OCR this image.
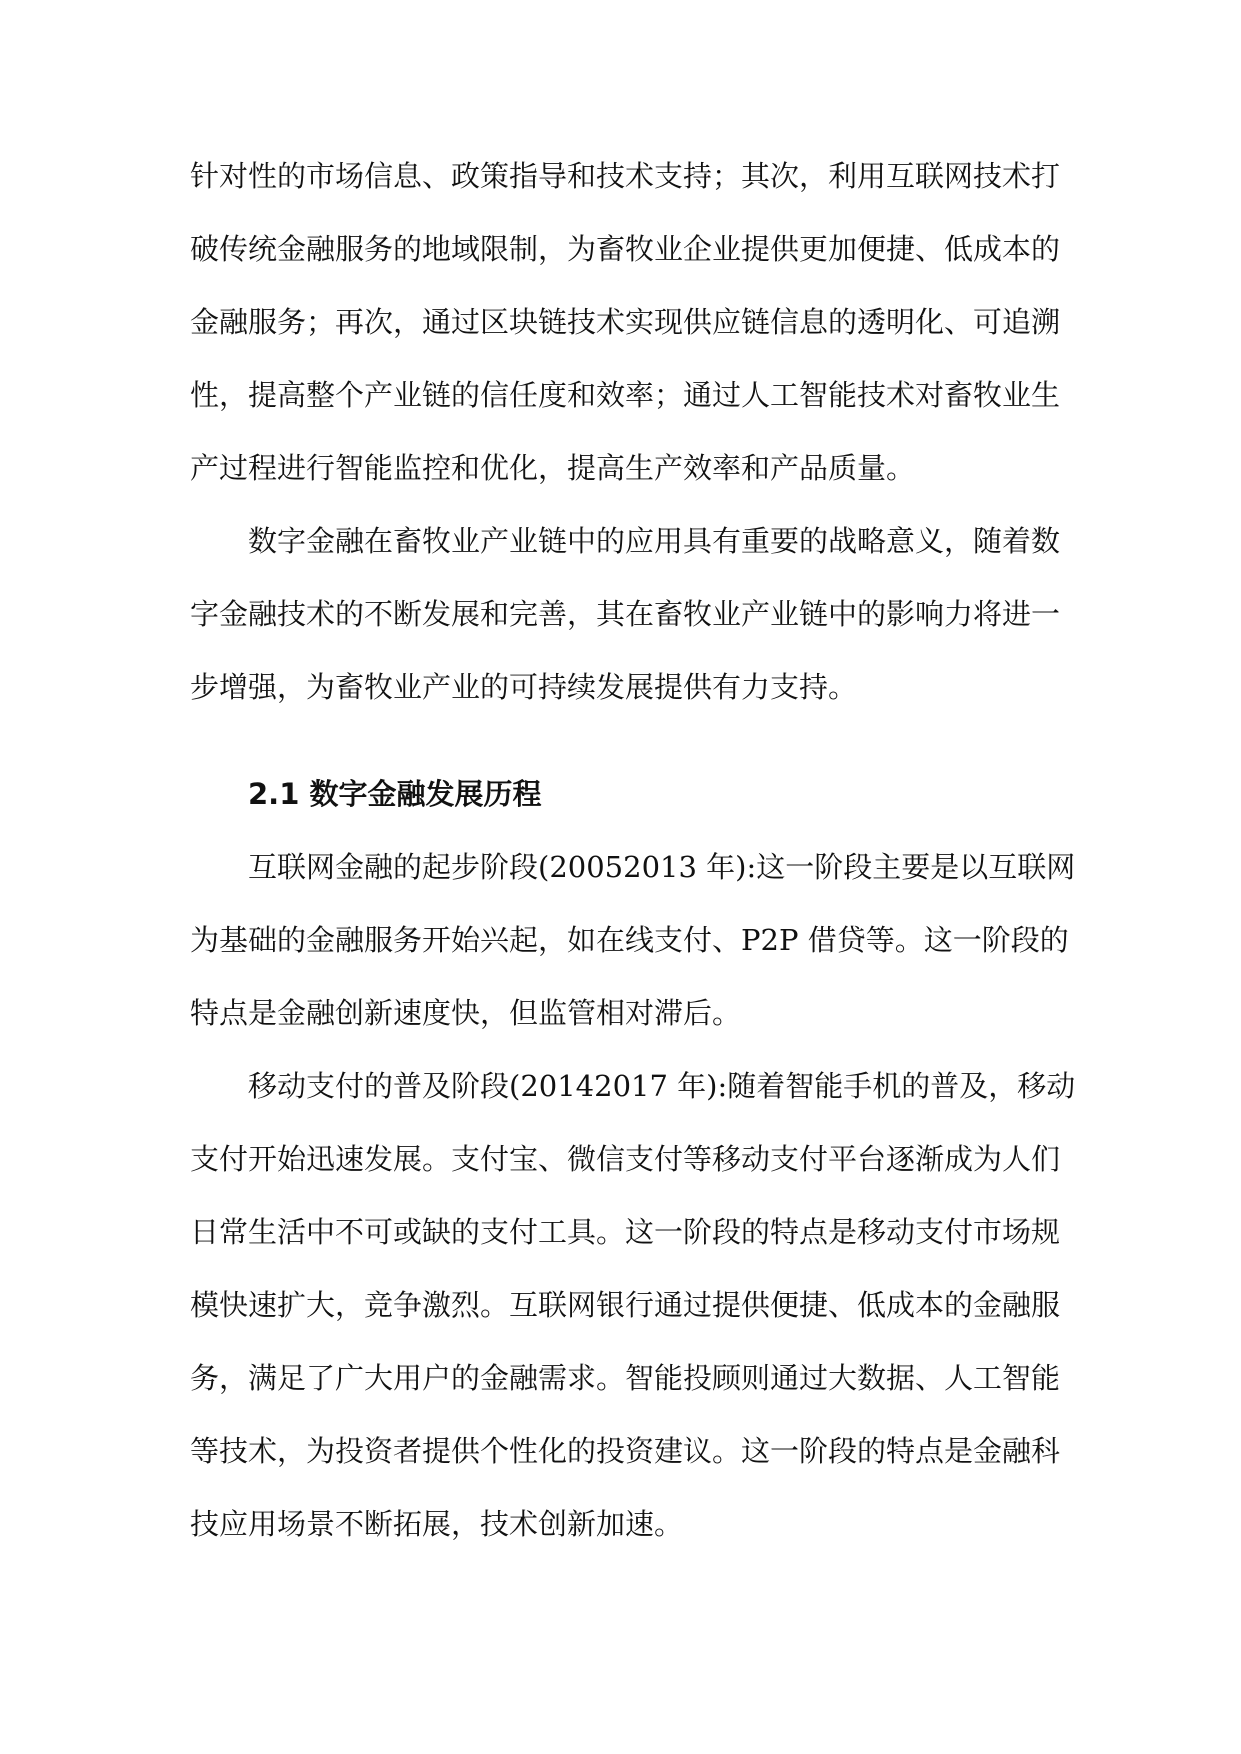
针对性的市场信息、政策指导和技术支持；其次，利用互联网技术打
破传统金融服务的地域限制，为畜牧业企业提供更加便捷、低成本的
金融服务；再次，通过区块链技术实现供应链信息的透明化、可追溯
性，提高整个产业链的信任度和效率；通过人工智能技术对畜牧业生
产过程进行智能监控和优化，提高生产效率和产品质量。
数字金融在畜牧业产业链中的应用具有重要的战略意义，随着数
字金融技术的不断发展和完善，其在畜牧业产业链中的影响力将进一
步增强，为畜牧业产业的可持续发展提供有力支持。
2.1 数字金融发展历程
互联网金融的起步阶段(20052013 年):这一阶段主要是以互联网
为基础的金融服务开始兴起，如在线支付、P2P 借贷等。这一阶段的
特点是金融创新速度快，但监管相对滞后。
移动支付的普及阶段(20142017 年):随着智能手机的普及，移动
支付开始迅速发展。支付宝、微信支付等移动支付平台逐渐成为人们
日常生活中不可或缺的支付工具。这一阶段的特点是移动支付市场规
模快速扩大，竞争激烈。互联网银行通过提供便捷、低成本的金融服
务，满足了广大用户的金融需求。智能投顾则通过大数据、人工智能
等技术，为投资者提供个性化的投资建议。这一阶段的特点是金融科
技应用场景不断拓展，技术创新加速。
